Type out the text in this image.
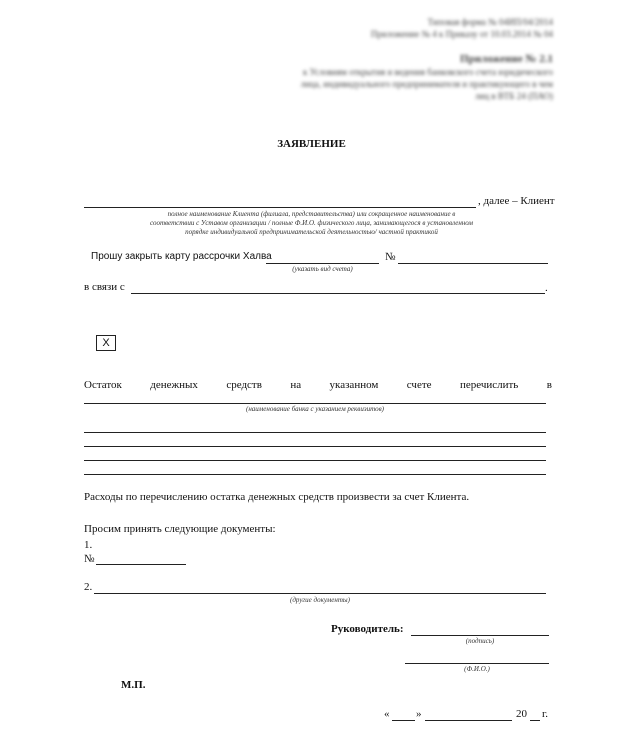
Типовая форма № 04ИП/04/2014
Приложение № 4 к Приказу от 10.03.2014 № 04
Приложение № 2.1
к Условиям открытия и ведения банковского счета юридического
лица, индивидуального предпринимателя и практикующего в чем
лиц в ВТБ 24 (ПАО)
ЗАЯВЛЕНИЕ
, далее – Клиент
полное наименование Клиента (филиала, представительства) или сокращенное наименование в
соответствии с Уставом организации / полные Ф.И.О. физического лица, занимающегося в установленном
порядке индивидуальной предпринимательской деятельностью/ частной практикой
Прошу закрыть карту рассрочки Халва
(указать вид счета)
№
в связи с	.
X
Остаток	денежных	средств	на	указанном	счете	перечислить	в
(наименование банка с указанием реквизитов)
Расходы по перечислению остатка денежных средств произвести за счет Клиента.
Просим принять следующие документы:
1.
№
2.
(другие документы)
Руководитель:
(подпись)
(Ф.И.О.)
М.П.
« »	20 г.
